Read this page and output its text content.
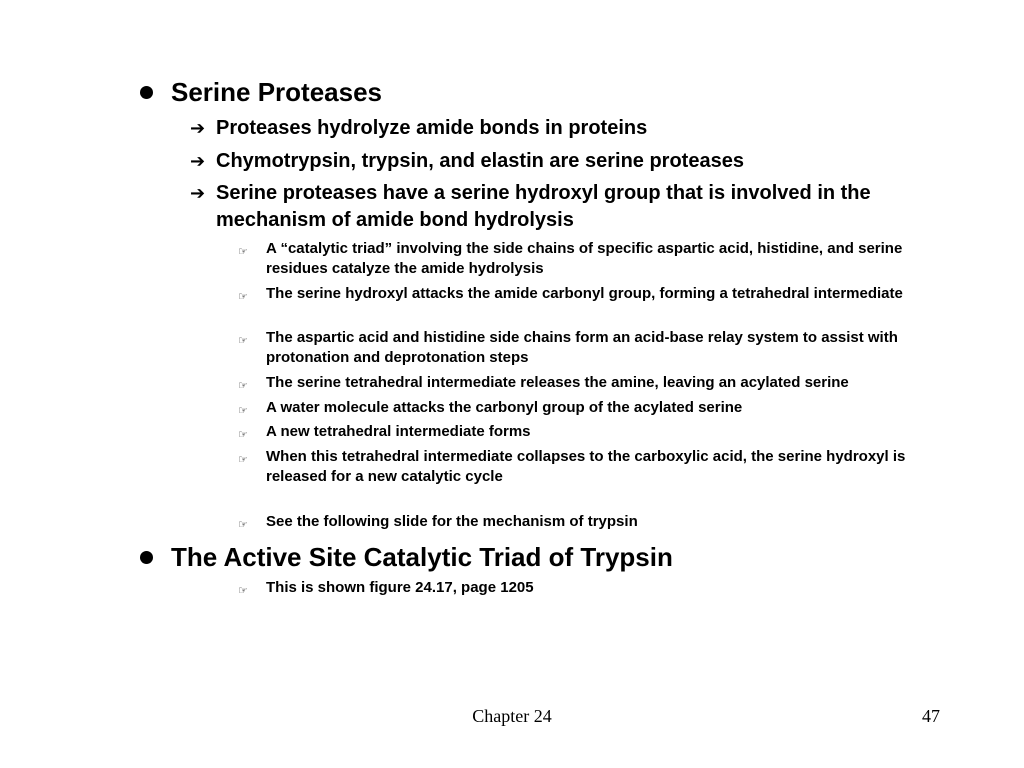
Serine Proteases
➔ Proteases hydrolyze amide bonds in proteins
➔ Chymotrypsin, trypsin, and elastin are serine proteases
➔ Serine proteases have a serine hydroxyl group that is involved in the mechanism of amide bond hydrolysis
☞ A “catalytic triad” involving the side chains of specific aspartic acid, histidine, and serine residues catalyze the amide hydrolysis
☞ The serine hydroxyl attacks the amide carbonyl group, forming a tetrahedral intermediate
☞ The aspartic acid and histidine side chains form an acid-base relay system to assist with protonation and deprotonation steps
☞ The serine tetrahedral intermediate releases the amine, leaving an acylated serine
☞ A water molecule attacks the carbonyl group of the acylated serine
☞ A new tetrahedral intermediate forms
☞ When this tetrahedral intermediate collapses to the carboxylic acid, the serine hydroxyl is released for a new catalytic cycle
☞ See the following slide for the mechanism of trypsin
The Active Site Catalytic Triad of Trypsin
☞ This is shown figure 24.17, page 1205
Chapter 24	47
